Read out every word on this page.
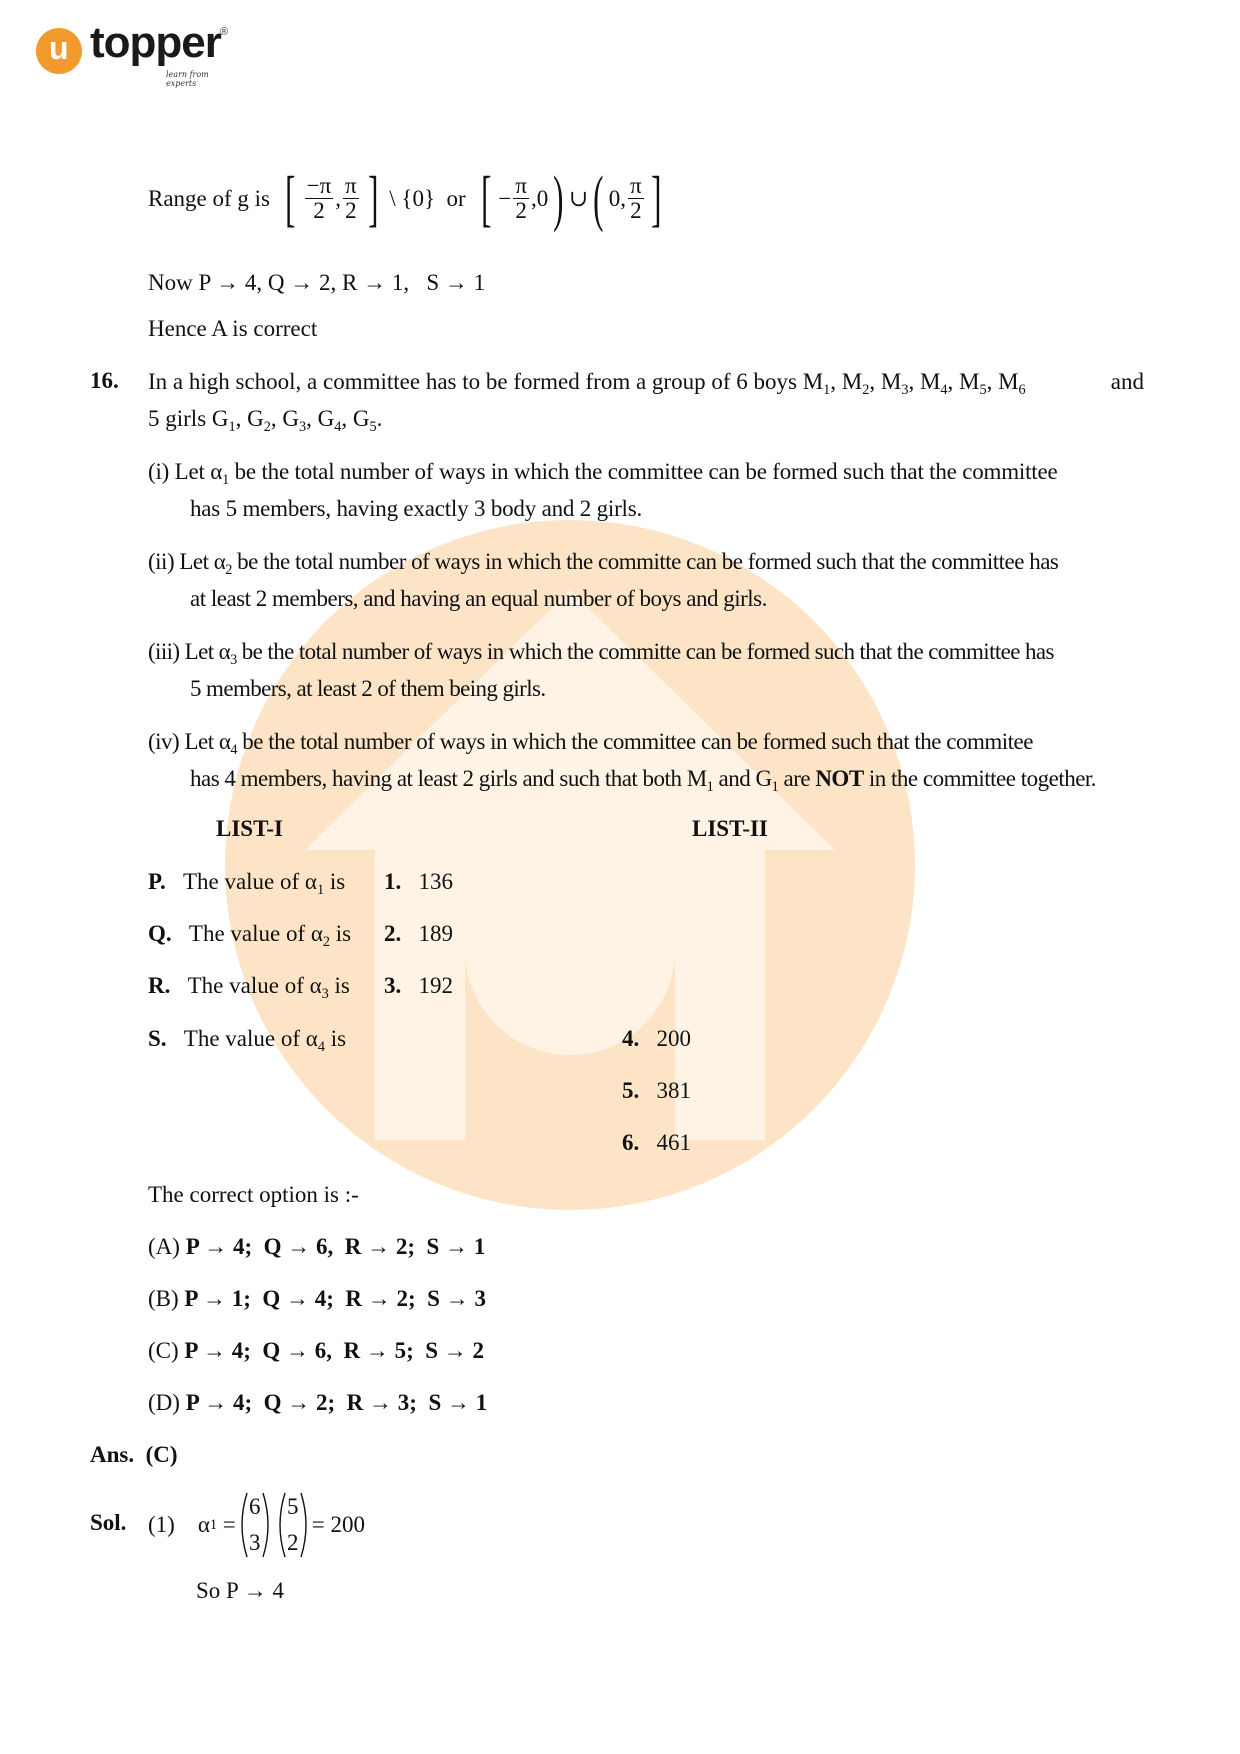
u topper ®
learn from experts
Range of g is [ $\frac{-\pi}{2}$ , $\frac{\pi}{2}$ ] \ {0}  or [ − $\frac{\pi}{2}$ , 0 ) ∪ ( 0 , $\frac{\pi}{2}$ ]
Now P → 4, Q → 2, R → 1,   S → 1
Hence A is correct
16. In a high school, a committee has to be formed from a group of 6 boys $M_1$, $M_2$, $M_3$, $M_4$, $M_5$, $M_6$	and
5 girls $G_1$, $G_2$, $G_3$, $G_4$, $G_5$.
(i) Let $\alpha_1$ be the total number of ways in which the committee can be formed such that the committee
has 5 members, having exactly 3 body and 2 girls.
(ii) Let $\alpha_2$ be the total number of ways in which the committe can be formed such that the committee has
at least 2 members, and having an equal number of boys and girls.
(iii) Let $\alpha_3$ be the total number of ways in which the committe can be formed such that the committee has
5 members, at least 2 of them being girls.
(iv) Let $\alpha_4$ be the total number of ways in which the committee can be formed such that the commitee
has 4 members, having at least 2 girls and such that both $M_1$ and $G_1$ are NOT in the committee together.
LIST-I	LIST-II
P. The value of $\alpha_1$ is
Q. The value of $\alpha_2$ is
R. The value of $\alpha_3$ is
S. The value of $\alpha_4$ is
1. 136
2. 189
3. 192
4. 200
5. 381
6. 461
The correct option is :-
(A) P → 4;  Q → 6,  R → 2;  S → 1
(B) P → 1;  Q → 4;  R → 2;  S → 3
(C) P → 4;  Q → 6,  R → 5;  S → 2
(D) P → 4;  Q → 2;  R → 3;  S → 1
Ans. (C)
Sol. (1)
α 1
=
6
3
5
2
= 200
So P → 4
